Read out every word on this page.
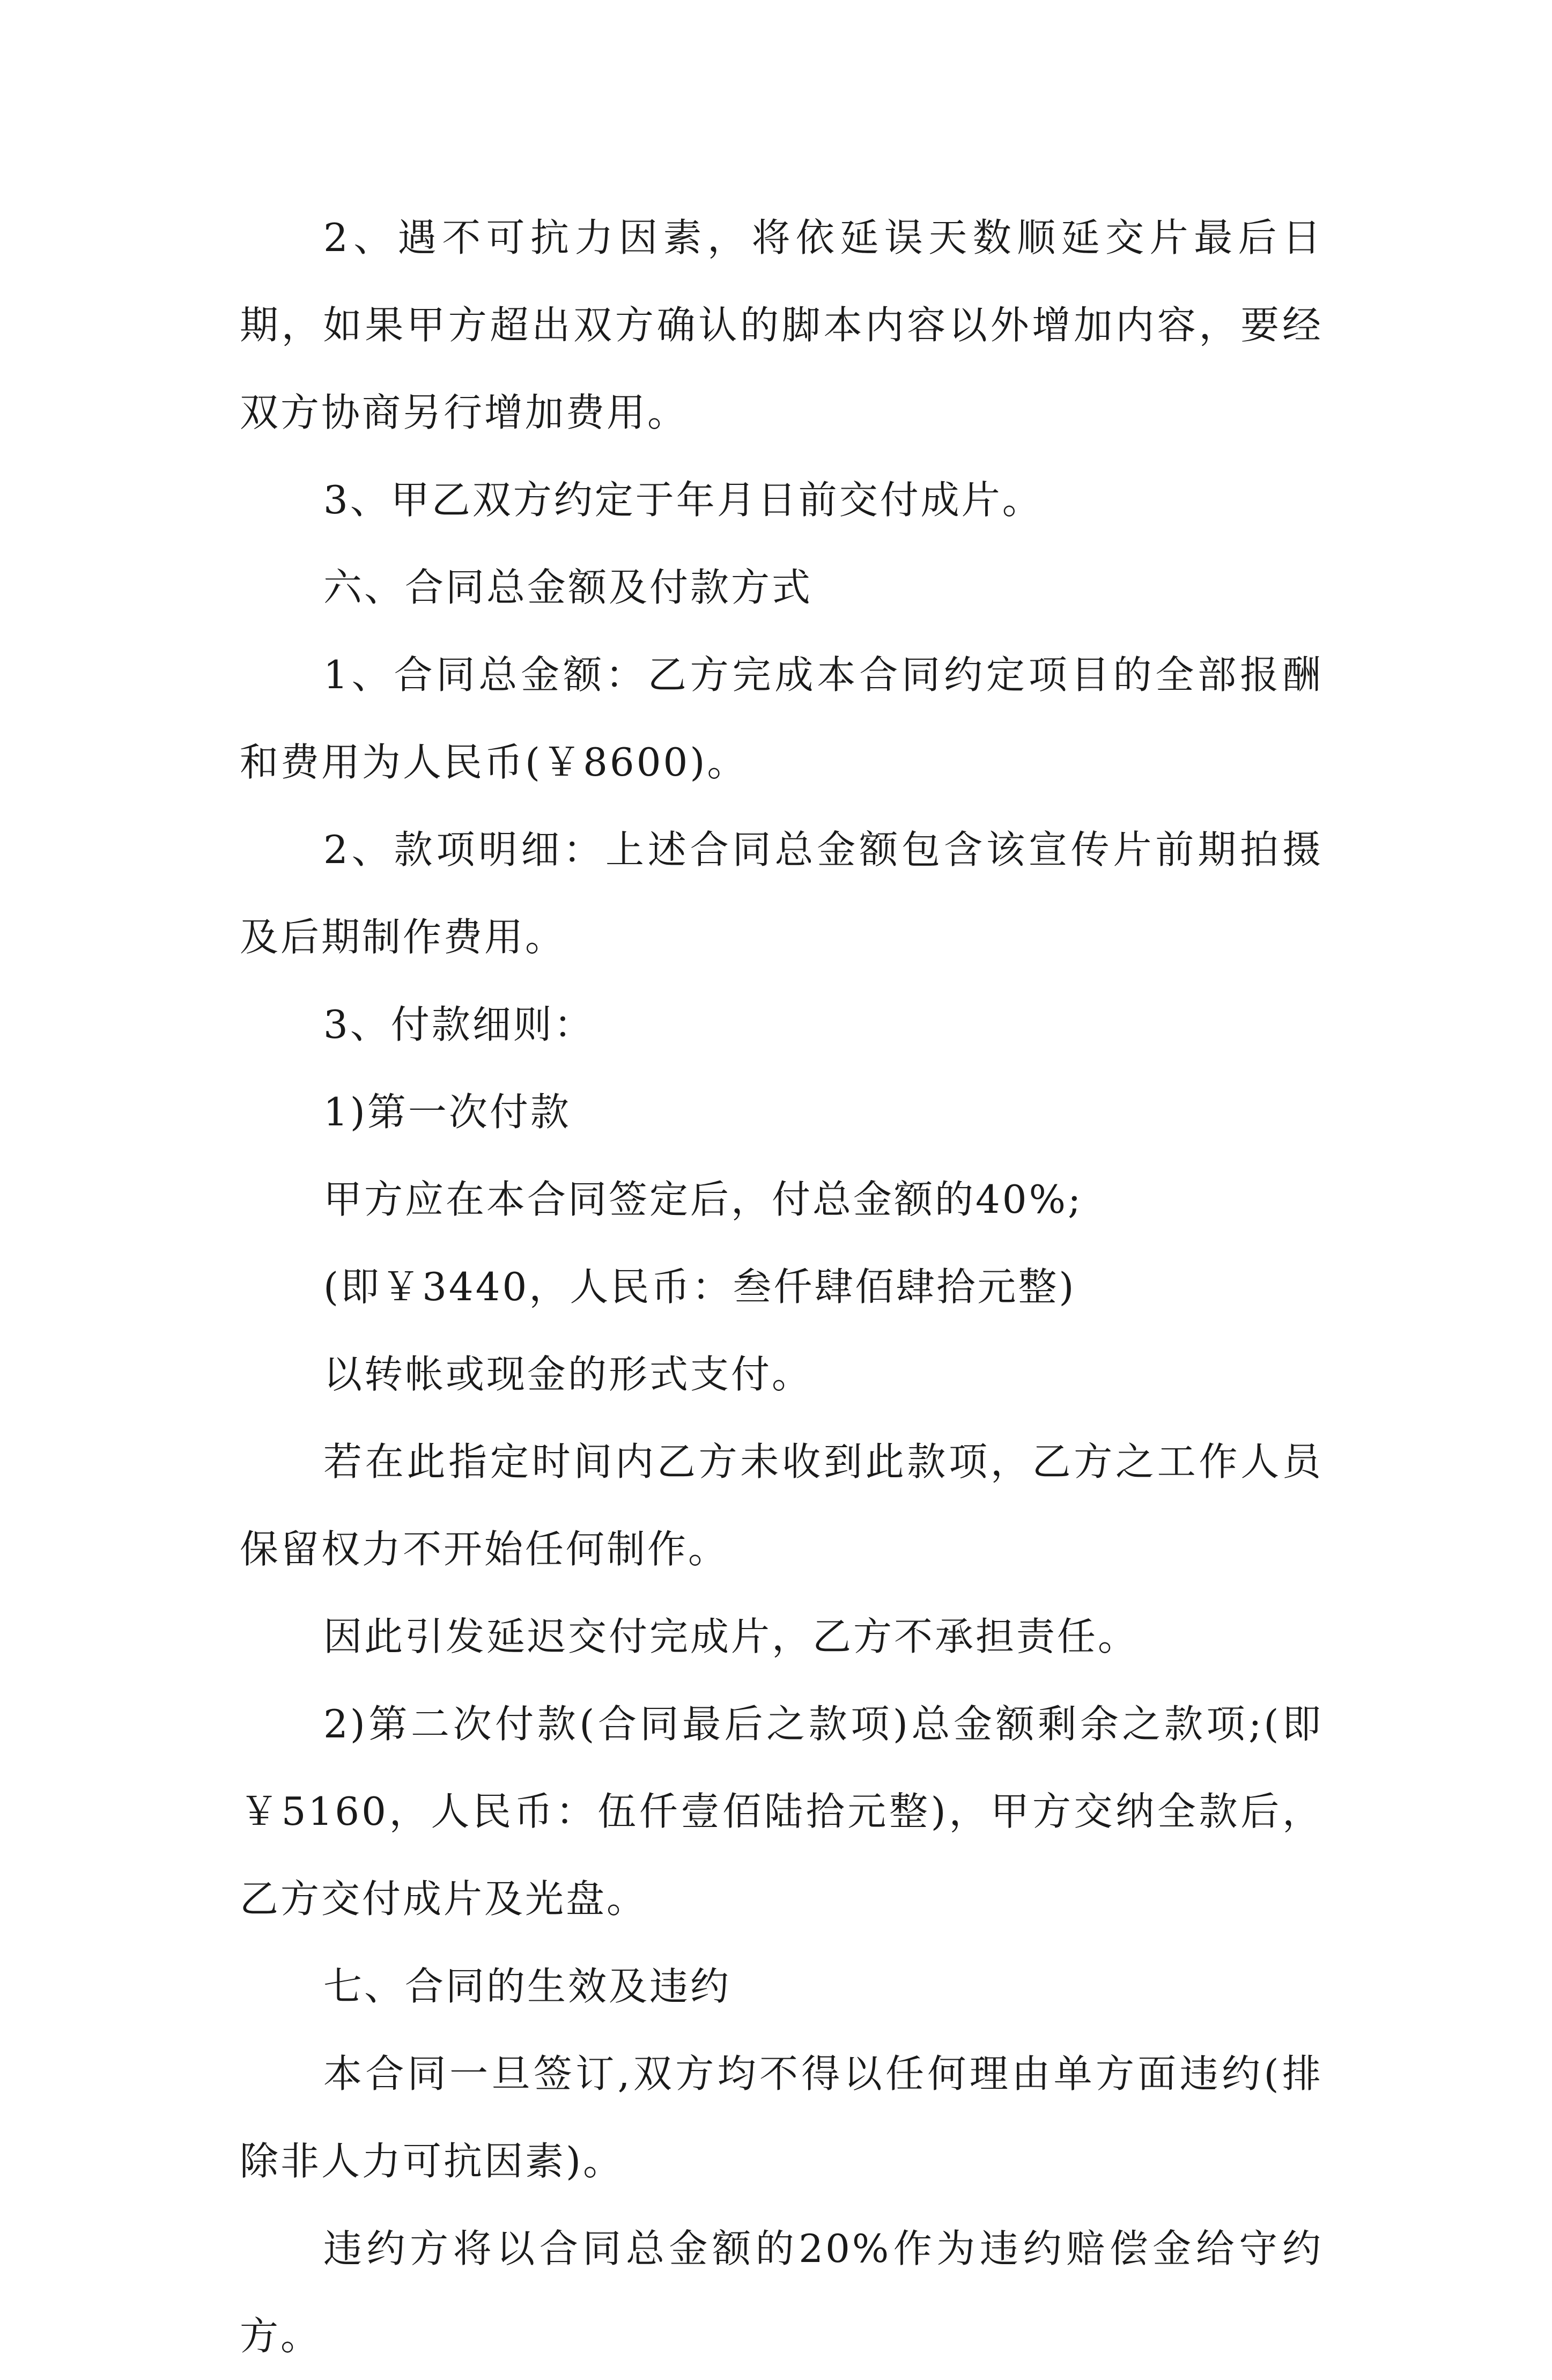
2、遇不可抗力因素，将依延误天数顺延交片最后日期，如果甲方超出双方确认的脚本内容以外增加内容，要经双方协商另行增加费用。

3、甲乙双方约定于年月日前交付成片。

六、合同总金额及付款方式

1、合同总金额：乙方完成本合同约定项目的全部报酬和费用为人民币(￥8600)。

2、款项明细：上述合同总金额包含该宣传片前期拍摄及后期制作费用。

3、付款细则：

1)第一次付款

甲方应在本合同签定后，付总金额的40%;

(即￥3440，人民币：叁仟肆佰肆拾元整)

以转帐或现金的形式支付。

若在此指定时间内乙方未收到此款项，乙方之工作人员保留权力不开始任何制作。

因此引发延迟交付完成片，乙方不承担责任。

2)第二次付款(合同最后之款项)总金额剩余之款项;(即￥5160，人民币：伍仟壹佰陆拾元整)，甲方交纳全款后，乙方交付成片及光盘。

七、合同的生效及违约

本合同一旦签订,双方均不得以任何理由单方面违约(排除非人力可抗因素)。

违约方将以合同总金额的20%作为违约赔偿金给守约方。
